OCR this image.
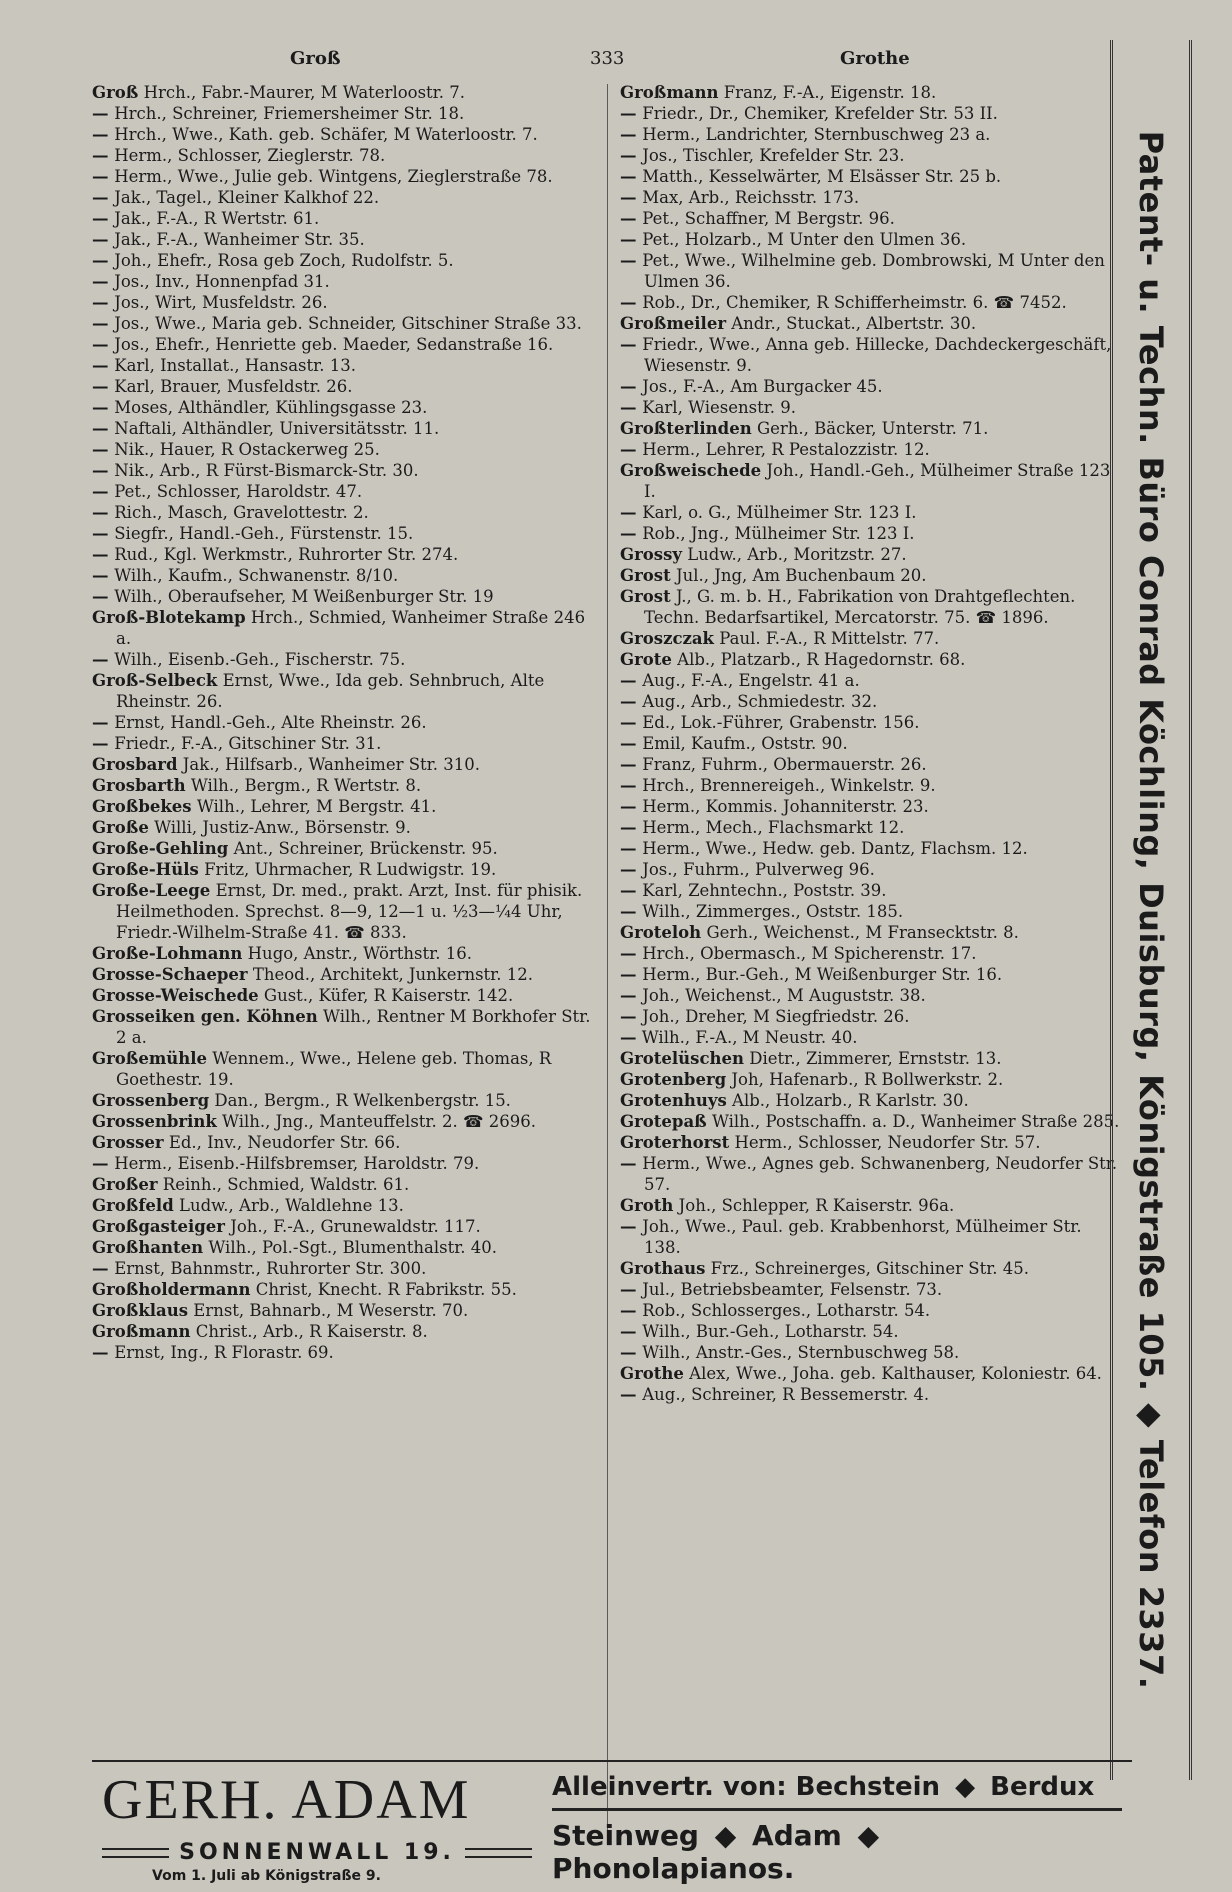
Groß	333	Grothe

Groß Hrch., Fabr.-Maurer, M Waterloostr. 7.

— Hrch., Schreiner, Friemersheimer Str. 18.

— Hrch., Wwe., Kath. geb. Schäfer, M Waterloostr. 7.

— Herm., Schlosser, Zieglerstr. 78.

— Herm., Wwe., Julie geb. Wintgens, Zieglerstraße 78.

— Jak., Tagel., Kleiner Kalkhof 22.

— Jak., F.-A., R Wertstr. 61.

— Jak., F.-A., Wanheimer Str. 35.

— Joh., Ehefr., Rosa geb Zoch, Rudolfstr. 5.

— Jos., Inv., Honnenpfad 31.

— Jos., Wirt, Musfeldstr. 26.

— Jos., Wwe., Maria geb. Schneider, Gitschiner Straße 33.

— Jos., Ehefr., Henriette geb. Maeder, Sedanstraße 16.

— Karl, Installat., Hansastr. 13.

— Karl, Brauer, Musfeldstr. 26.

— Moses, Althändler, Kühlingsgasse 23.

— Naftali, Althändler, Universitätsstr. 11.

— Nik., Hauer, R Ostackerweg 25.

— Nik., Arb., R Fürst-Bismarck-Str. 30.

— Pet., Schlosser, Haroldstr. 47.

— Rich., Masch, Gravelottestr. 2.

— Siegfr., Handl.-Geh., Fürstenstr. 15.

— Rud., Kgl. Werkmstr., Ruhrorter Str. 274.

— Wilh., Kaufm., Schwanenstr. 8/10.

— Wilh., Oberaufseher, M Weißenburger Str. 19

Groß-Blotekamp Hrch., Schmied, Wanheimer Straße 246 a.

— Wilh., Eisenb.-Geh., Fischerstr. 75.

Groß-Selbeck Ernst, Wwe., Ida geb. Sehnbruch, Alte Rheinstr. 26.

— Ernst, Handl.-Geh., Alte Rheinstr. 26.

— Friedr., F.-A., Gitschiner Str. 31.

Grosbard Jak., Hilfsarb., Wanheimer Str. 310.

Grosbarth Wilh., Bergm., R Wertstr. 8.

Großbekes Wilh., Lehrer, M Bergstr. 41.

Große Willi, Justiz-Anw., Börsenstr. 9.

Große-Gehling Ant., Schreiner, Brückenstr. 95.

Große-Hüls Fritz, Uhrmacher, R Ludwigstr. 19.

Große-Leege Ernst, Dr. med., prakt. Arzt, Inst. für phisik. Heilmethoden. Sprechst. 8—9, 12—1 u. ½3—¼4 Uhr, Friedr.-Wilhelm-Straße 41. ☎ 833.

Große-Lohmann Hugo, Anstr., Wörthstr. 16.

Grosse-Schaeper Theod., Architekt, Junkernstr. 12.

Grosse-Weischede Gust., Küfer, R Kaiserstr. 142.

Grosseiken gen. Köhnen Wilh., Rentner M Borkhofer Str. 2 a.

Großemühle Wennem., Wwe., Helene geb. Thomas, R Goethestr. 19.

Grossenberg Dan., Bergm., R Welkenbergstr. 15.

Grossenbrink Wilh., Jng., Manteuffelstr. 2. ☎ 2696.

Grosser Ed., Inv., Neudorfer Str. 66.

— Herm., Eisenb.-Hilfsbremser, Haroldstr. 79.

Großer Reinh., Schmied, Waldstr. 61.

Großfeld Ludw., Arb., Waldlehne 13.

Großgasteiger Joh., F.-A., Grunewaldstr. 117.

Großhanten Wilh., Pol.-Sgt., Blumenthalstr. 40.

— Ernst, Bahnmstr., Ruhrorter Str. 300.

Großholdermann Christ, Knecht. R Fabrikstr. 55.

Großklaus Ernst, Bahnarb., M Weserstr. 70.

Großmann Christ., Arb., R Kaiserstr. 8.

— Ernst, Ing., R Florastr. 69.

Großmann Franz, F.-A., Eigenstr. 18.

— Friedr., Dr., Chemiker, Krefelder Str. 53 II.

— Herm., Landrichter, Sternbuschweg 23 a.

— Jos., Tischler, Krefelder Str. 23.

— Matth., Kesselwärter, M Elsässer Str. 25 b.

— Max, Arb., Reichsstr. 173.

— Pet., Schaffner, M Bergstr. 96.

— Pet., Holzarb., M Unter den Ulmen 36.

— Pet., Wwe., Wilhelmine geb. Dombrowski, M Unter den Ulmen 36.

— Rob., Dr., Chemiker, R Schifferheimstr. 6. ☎ 7452.

Großmeiler Andr., Stuckat., Albertstr. 30.

— Friedr., Wwe., Anna geb. Hillecke, Dachdeckergeschäft, Wiesenstr. 9.

— Jos., F.-A., Am Burgacker 45.

— Karl, Wiesenstr. 9.

Großterlinden Gerh., Bäcker, Unterstr. 71.

— Herm., Lehrer, R Pestalozzistr. 12.

Großweischede Joh., Handl.-Geh., Mülheimer Straße 123 I.

— Karl, o. G., Mülheimer Str. 123 I.

— Rob., Jng., Mülheimer Str. 123 I.

Grossy Ludw., Arb., Moritzstr. 27.

Grost Jul., Jng, Am Buchenbaum 20.

Grost J., G. m. b. H., Fabrikation von Drahtgeflechten. Techn. Bedarfsartikel, Mercatorstr. 75. ☎ 1896.

Groszczak Paul. F.-A., R Mittelstr. 77.

Grote Alb., Platzarb., R Hagedornstr. 68.

— Aug., F.-A., Engelstr. 41 a.

— Aug., Arb., Schmiedestr. 32.

— Ed., Lok.-Führer, Grabenstr. 156.

— Emil, Kaufm., Oststr. 90.

— Franz, Fuhrm., Obermauerstr. 26.

— Hrch., Brennereigeh., Winkelstr. 9.

— Herm., Kommis. Johanniterstr. 23.

— Herm., Mech., Flachsmarkt 12.

— Herm., Wwe., Hedw. geb. Dantz, Flachsm. 12.

— Jos., Fuhrm., Pulverweg 96.

— Karl, Zehntechn., Poststr. 39.

— Wilh., Zimmerges., Oststr. 185.

Groteloh Gerh., Weichenst., M Fransecktstr. 8.

— Hrch., Obermasch., M Spicherenstr. 17.

— Herm., Bur.-Geh., M Weißenburger Str. 16.

— Joh., Weichenst., M Auguststr. 38.

— Joh., Dreher, M Siegfriedstr. 26.

— Wilh., F.-A., M Neustr. 40.

Grotelüschen Dietr., Zimmerer, Ernststr. 13.

Grotenberg Joh, Hafenarb., R Bollwerkstr. 2.

Grotenhuys Alb., Holzarb., R Karlstr. 30.

Grotepaß Wilh., Postschaffn. a. D., Wanheimer Straße 285.

Groterhorst Herm., Schlosser, Neudorfer Str. 57.

— Herm., Wwe., Agnes geb. Schwanenberg, Neudorfer Str. 57.

Groth Joh., Schlepper, R Kaiserstr. 96a.

— Joh., Wwe., Paul. geb. Krabbenhorst, Mülheimer Str. 138.

Grothaus Frz., Schreinerges, Gitschiner Str. 45.

— Jul., Betriebsbeamter, Felsenstr. 73.

— Rob., Schlosserges., Lotharstr. 54.

— Wilh., Bur.-Geh., Lotharstr. 54.

— Wilh., Anstr.-Ges., Sternbuschweg 58.

Grothe Alex, Wwe., Joha. geb. Kalthauser, Koloniestr. 64.

— Aug., Schreiner, R Bessemerstr. 4.	Patent- u. Techn. Büro Conrad Köchling, Duisburg, Königstraße 105. ◆ Telefon 2337.
GERH. ADAM
SONNENWALL 19.
Vom 1. Juli ab Königstraße 9.
Alleinvertr. von: Bechstein ◆ Berdux
Steinweg ◆ Adam ◆ Phonolapianos.
